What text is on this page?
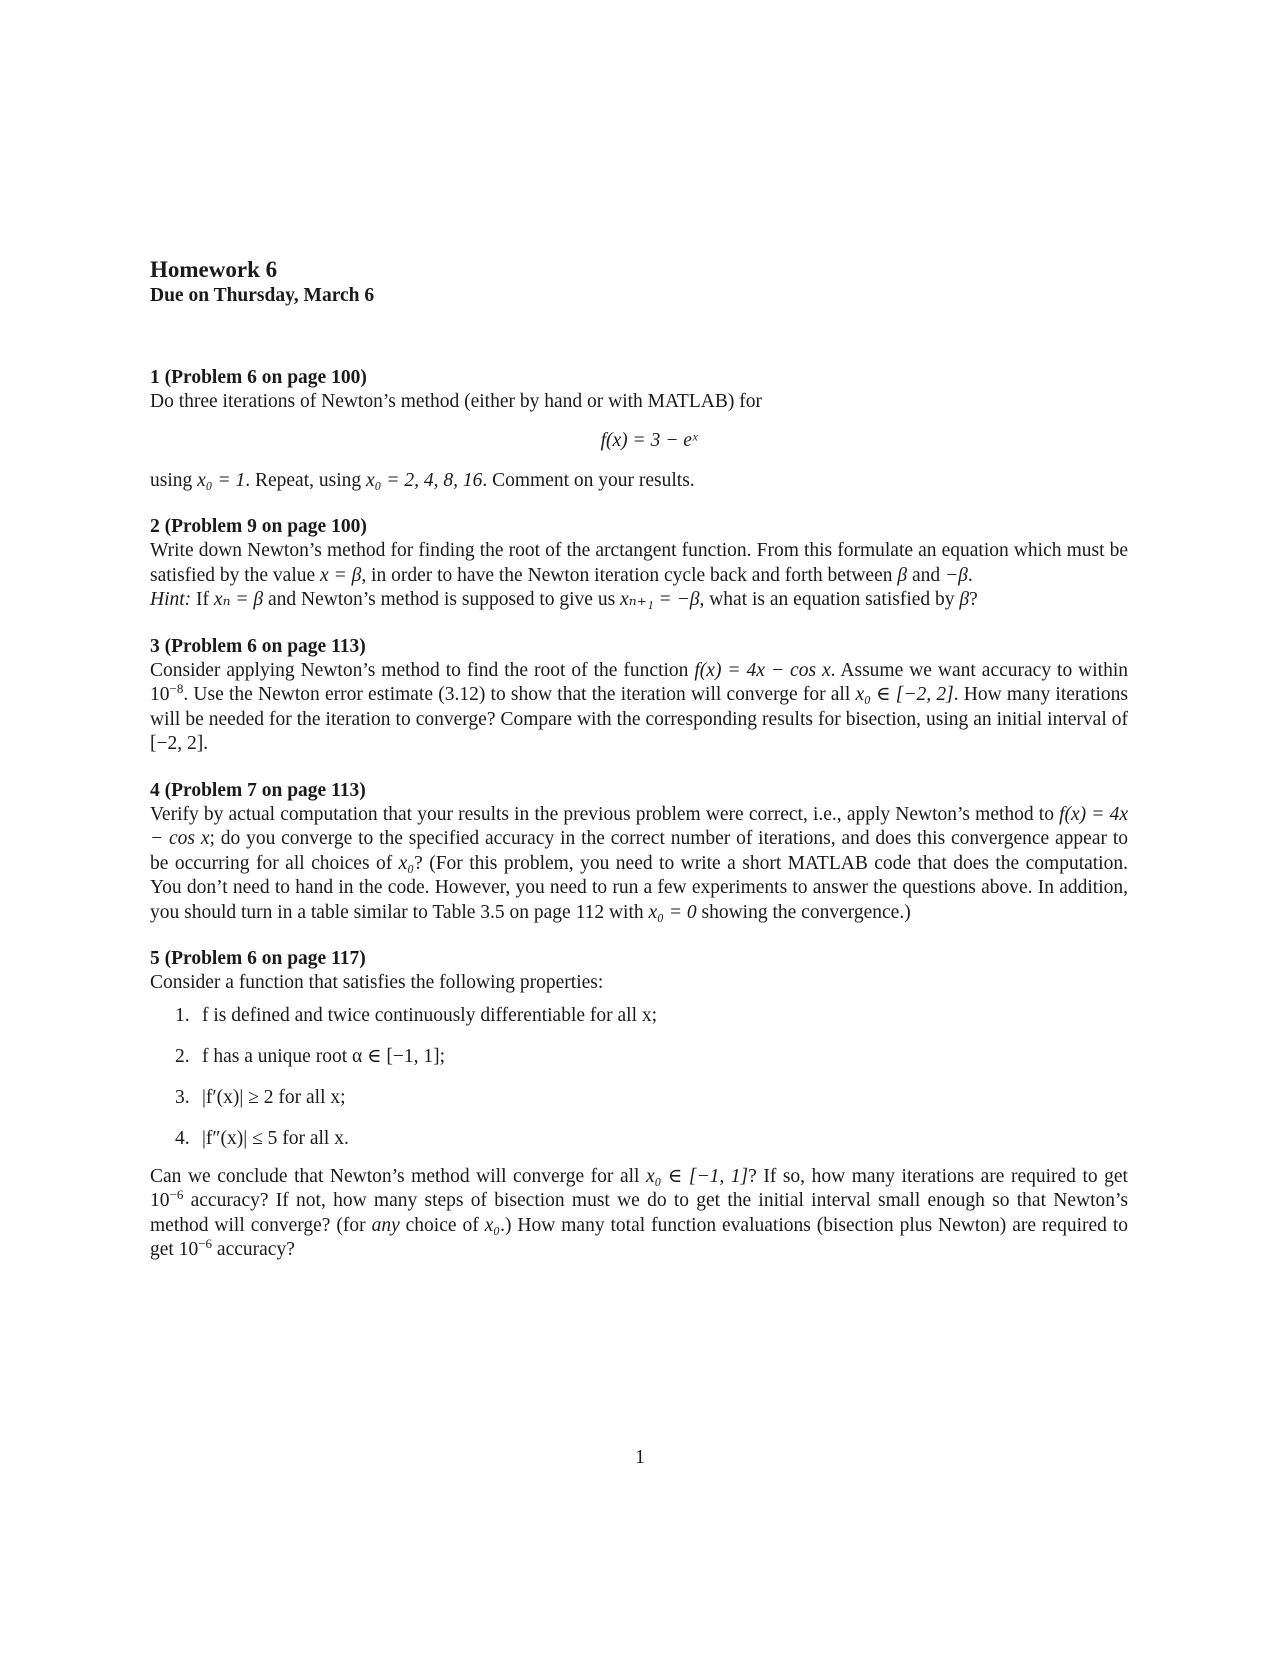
Homework 6

Due on Thursday, March 6

1 (Problem 6 on page 100)

Do three iterations of Newton’s method (either by hand or with MATLAB) for

f(x) = 3 − eˣ

using x₀ = 1. Repeat, using x₀ = 2, 4, 8, 16. Comment on your results.

2 (Problem 9 on page 100)

Write down Newton’s method for finding the root of the arctangent function. From this formulate an equation which must be satisfied by the value x = β, in order to have the Newton iteration cycle back and forth between β and −β.
Hint: If xₙ = β and Newton’s method is supposed to give us xₙ₊₁ = −β, what is an equation satisfied by β?

3 (Problem 6 on page 113)

Consider applying Newton’s method to find the root of the function f(x) = 4x − cos x. Assume we want accuracy to within $10^{-8}$. Use the Newton error estimate (3.12) to show that the iteration will converge for all x₀ ∈ [−2, 2]. How many iterations will be needed for the iteration to converge? Compare with the corresponding results for bisection, using an initial interval of [−2, 2].

4 (Problem 7 on page 113)

Verify by actual computation that your results in the previous problem were correct, i.e., apply Newton’s method to f(x) = 4x − cos x; do you converge to the specified accuracy in the correct number of iterations, and does this convergence appear to be occurring for all choices of x₀? (For this problem, you need to write a short MATLAB code that does the computation. You don’t need to hand in the code. However, you need to run a few experiments to answer the questions above. In addition, you should turn in a table similar to Table 3.5 on page 112 with x₀ = 0 showing the convergence.)

5 (Problem 6 on page 117)

Consider a function that satisfies the following properties:

1. f is defined and twice continuously differentiable for all x;
2. f has a unique root α ∈ [−1, 1];
3. |f′(x)| ≥ 2 for all x;
4. |f″(x)| ≤ 5 for all x.

Can we conclude that Newton’s method will converge for all x₀ ∈ [−1, 1]? If so, how many iterations are required to get $10^{-6}$ accuracy? If not, how many steps of bisection must we do to get the initial interval small enough so that Newton’s method will converge? (for any choice of x₀.) How many total function evaluations (bisection plus Newton) are required to get $10^{-6}$ accuracy?

1
